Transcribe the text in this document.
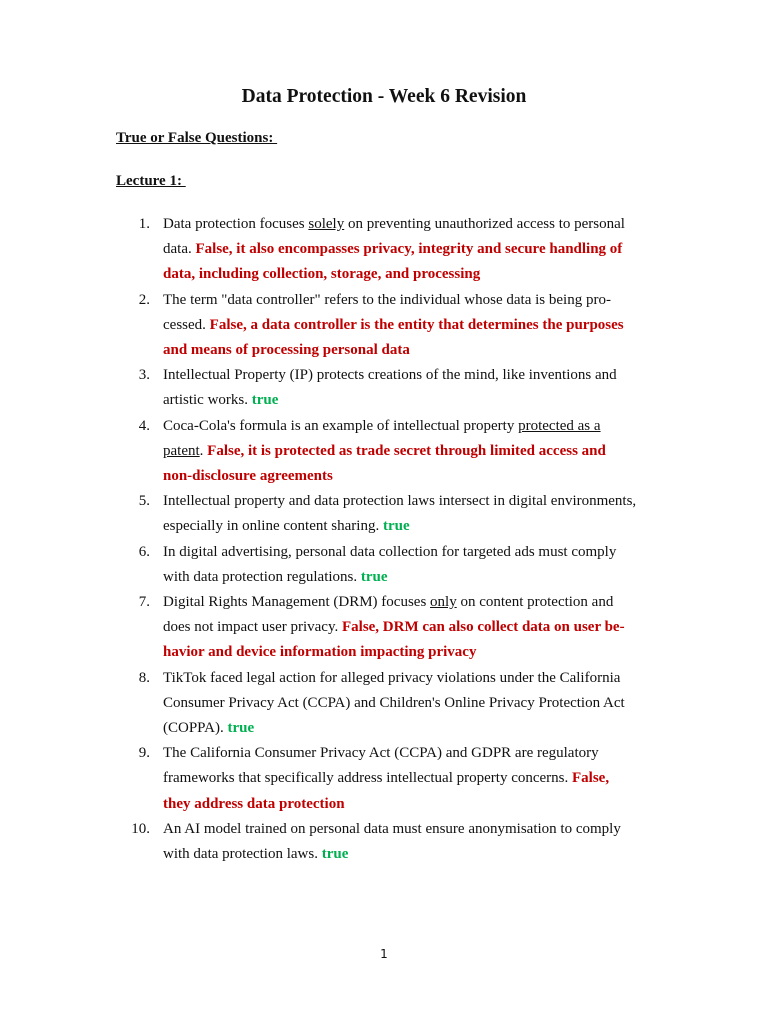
Data Protection - Week 6 Revision

True or False Questions:

Lecture 1:

1. Data protection focuses solely on preventing unauthorized access to personal
data. False, it also encompasses privacy, integrity and secure handling of
data, including collection, storage, and processing
2. The term "data controller" refers to the individual whose data is being pro-
cessed. False, a data controller is the entity that determines the purposes
and means of processing personal data
3. Intellectual Property (IP) protects creations of the mind, like inventions and
artistic works. true
4. Coca-Cola's formula is an example of intellectual property protected as a
patent. False, it is protected as trade secret through limited access and
non-disclosure agreements
5. Intellectual property and data protection laws intersect in digital environments,
especially in online content sharing. true
6. In digital advertising, personal data collection for targeted ads must comply
with data protection regulations. true
7. Digital Rights Management (DRM) focuses only on content protection and
does not impact user privacy. False, DRM can also collect data on user be-
havior and device information impacting privacy
8. TikTok faced legal action for alleged privacy violations under the California
Consumer Privacy Act (CCPA) and Children's Online Privacy Protection Act
(COPPA). true
9. The California Consumer Privacy Act (CCPA) and GDPR are regulatory
frameworks that specifically address intellectual property concerns. False,
they address data protection
10. An AI model trained on personal data must ensure anonymisation to comply
with data protection laws. true

1
